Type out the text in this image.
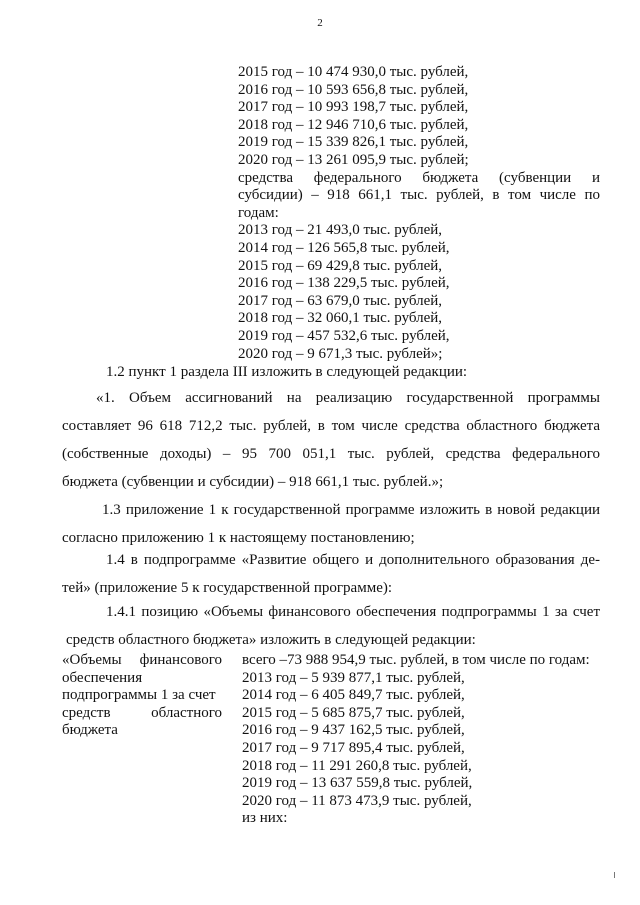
2
2015 год – 10 474 930,0 тыс. рублей,
2016 год – 10 593 656,8 тыс. рублей,
2017 год – 10 993 198,7 тыс. рублей,
2018 год – 12 946 710,6 тыс. рублей,
2019 год – 15 339 826,1 тыс. рублей,
2020 год – 13 261 095,9 тыс. рублей;
средства федерального бюджета (субвенции и
субсидии) – 918 661,1 тыс. рублей, в том числе по
годам:
2013 год – 21 493,0 тыс. рублей,
2014 год – 126 565,8 тыс. рублей,
2015 год – 69 429,8 тыс. рублей,
2016 год – 138 229,5 тыс. рублей,
2017 год – 63 679,0 тыс. рублей,
2018 год – 32 060,1 тыс. рублей,
2019 год – 457 532,6 тыс. рублей,
2020 год – 9 671,3 тыс. рублей»;
1.2 пункт 1 раздела III изложить в следующей редакции:
«1. Объем ассигнований на реализацию государственной программы
составляет 96 618 712,2 тыс. рублей, в том числе средства областного бюджета
(собственные доходы) – 95 700 051,1 тыс. рублей, средства федерального
бюджета (субвенции и субсидии) – 918 661,1 тыс. рублей.»;
1.3 приложение 1 к государственной программе изложить в новой редакции
согласно приложению 1 к настоящему постановлению;
1.4 в подпрограмме «Развитие общего и дополнительного образования де-
тей» (приложение 5 к государственной программе):
1.4.1 позицию «Объемы финансового обеспечения подпрограммы 1 за счет
средств областного бюджета» изложить в следующей редакции:
«Объемы финансового
обеспечения
подпрограммы 1 за счет
средств областного
бюджета
всего –73 988 954,9 тыс. рублей, в том числе по годам:
2013 год – 5 939 877,1 тыс. рублей,
2014 год – 6 405 849,7 тыс. рублей,
2015 год – 5 685 875,7 тыс. рублей,
2016 год – 9 437 162,5 тыс. рублей,
2017 год – 9 717 895,4 тыс. рублей,
2018 год – 11 291 260,8 тыс. рублей,
2019 год – 13 637 559,8 тыс. рублей,
2020 год – 11 873 473,9 тыс. рублей,
из них:
